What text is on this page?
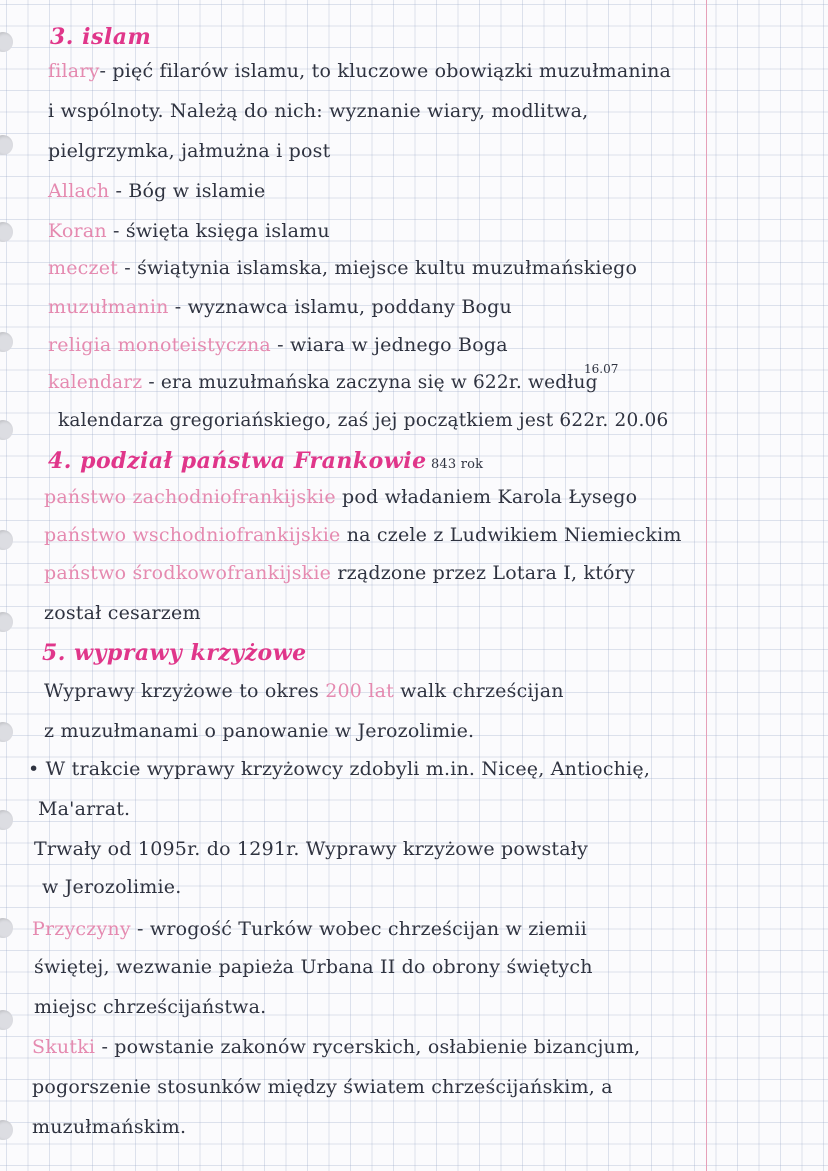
3. islam
filary- pięć filarów islamu, to kluczowe obowiązki muzułmanina
i wspólnoty. Należą do nich: wyznanie wiary, modlitwa,
pielgrzymka, jałmużna i post
Allach - Bóg w islamie
Koran - święta księga islamu
meczet - świątynia islamska, miejsce kultu muzułmańskiego
muzułmanin - wyznawca islamu, poddany Bogu
religia monoteistyczna - wiara w jednego Boga
kalendarz - era muzułmańska zaczyna się w 622r. według
kalendarza gregoriańskiego, zaś jej początkiem jest 622r. 20.06
4. podział państwa Frankowie 843 rok
państwo zachodniofrankijskie pod władaniem Karola Łysego
państwo wschodniofrankijskie na czele z Ludwikiem Niemieckim
państwo środkowofrankijskie rządzone przez Lotara I, który
został cesarzem
5. wyprawy krzyżowe
Wyprawy krzyżowe to okres 200 lat walk chrześcijan
z muzułmanami o panowanie w Jerozolimie.
• W trakcie wyprawy krzyżowcy zdobyli m.in. Niceę, Antiochię,
Ma'arrat.
Trwały od 1095r. do 1291r. Wyprawy krzyżowe powstały
w Jerozolimie.
Przyczyny - wrogość Turków wobec chrześcijan w ziemii
świętej, wezwanie papieża Urbana II do obrony świętych
miejsc chrześcijaństwa.
Skutki - powstanie zakonów rycerskich, osłabienie bizancjum,
pogorszenie stosunków między światem chrześcijańskim, a
muzułmańskim.
16.07
